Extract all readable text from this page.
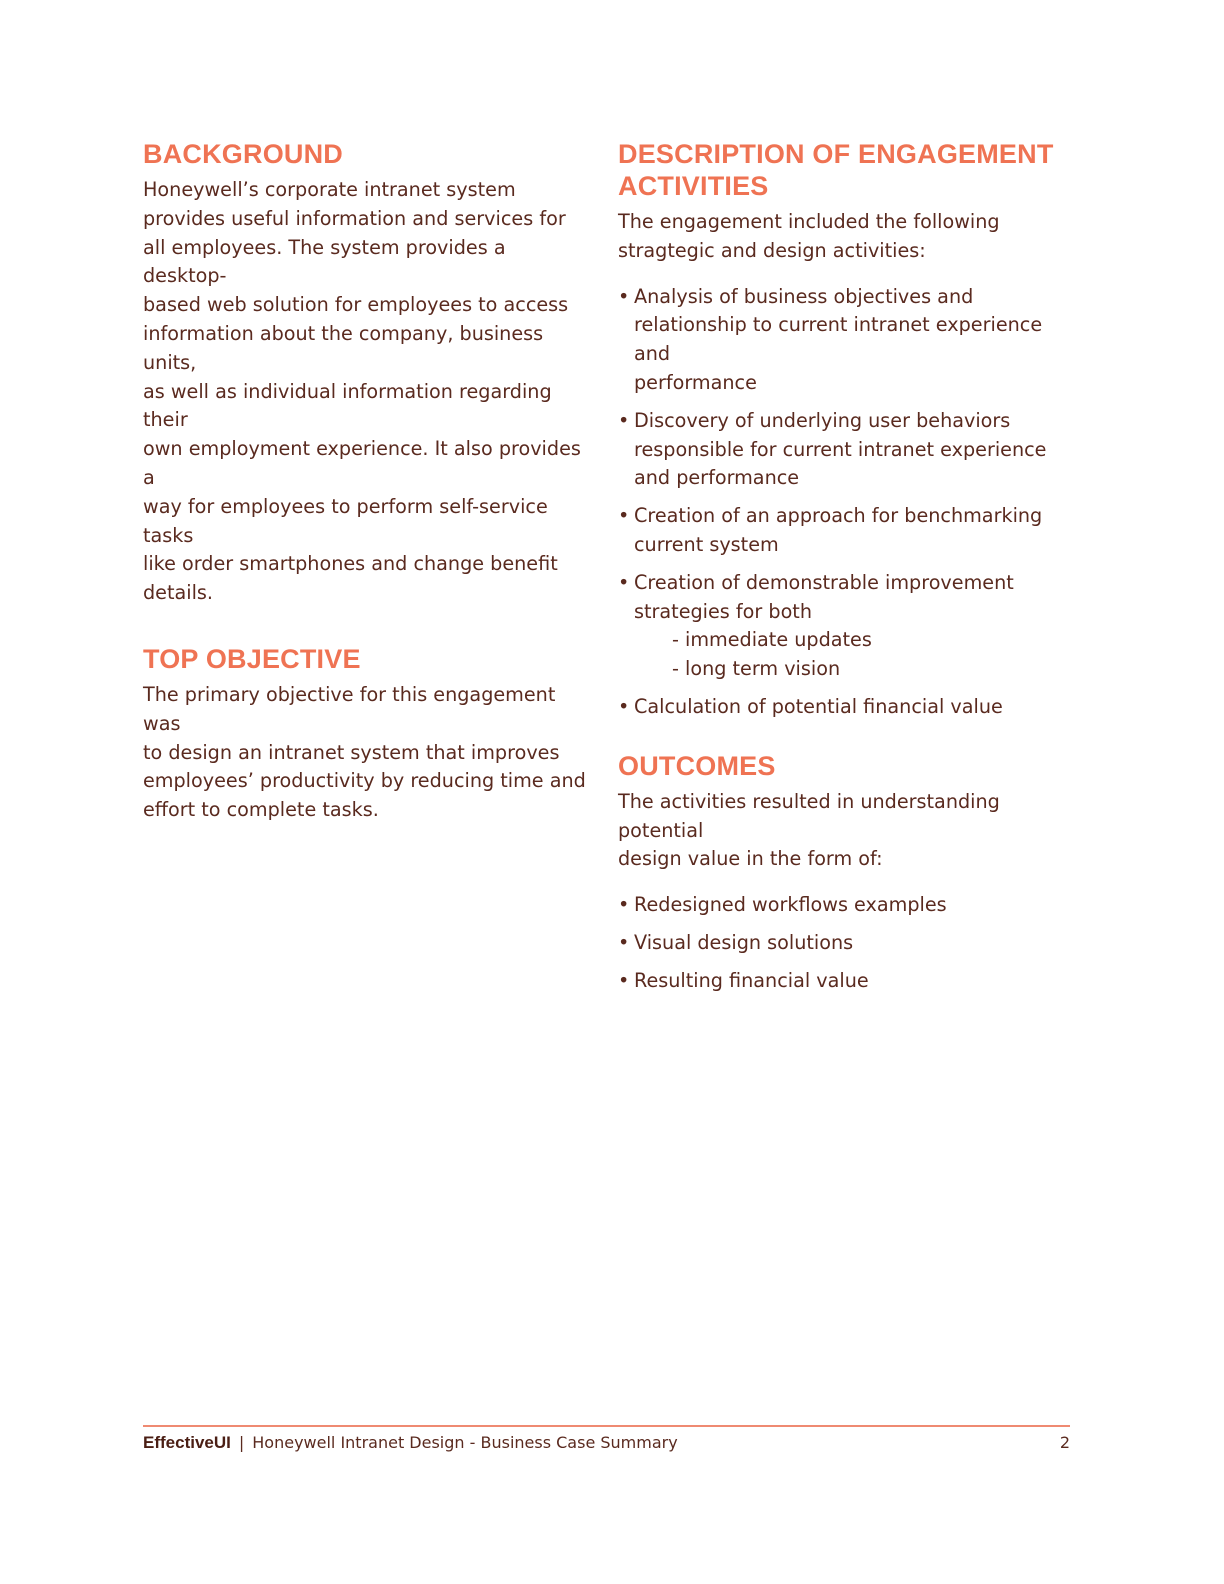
BACKGROUND

Honeywell’s corporate intranet system
provides useful information and services for
all employees. The system provides a desktop-
based web solution for employees to access
information about the company, business units,
as well as individual information regarding their
own employment experience. It also provides a
way for employees to perform self-service tasks
like order smartphones and change benefit
details.

TOP OBJECTIVE

The primary objective for this engagement was
to design an intranet system that improves
employees’ productivity by reducing time and
effort to complete tasks.

DESCRIPTION OF ENGAGEMENT
ACTIVITIES

The engagement included the following
stragtegic and design activities:

• Analysis of business objectives and
relationship to current intranet experience and
performance
• Discovery of underlying user behaviors
responsible for current intranet experience
and performance
• Creation of an approach for benchmarking
current system
• Creation of demonstrable improvement
strategies for both
- immediate updates
- long term vision
• Calculation of potential financial value
OUTCOMES

The activities resulted in understanding potential
design value in the form of:

• Redesigned workflows examples
• Visual design solutions
• Resulting financial value
EffectiveUI | Honeywell Intranet Design - Business Case Summary	2
